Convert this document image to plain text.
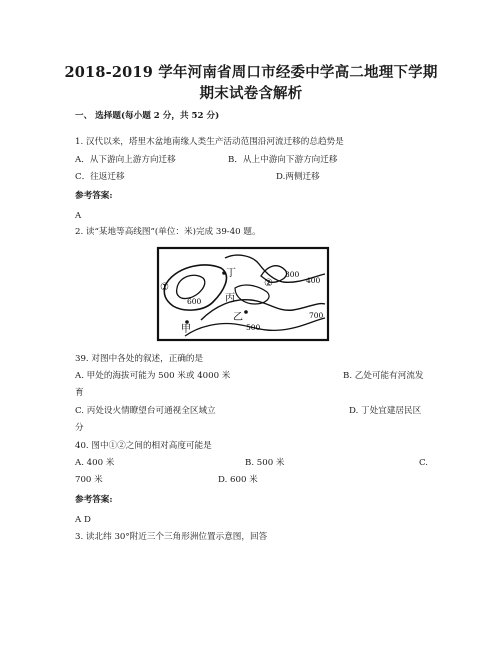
2018-2019 学年河南省周口市经委中学高二地理下学期
期末试卷含解析
一、 选择题(每小题 2 分，共 52 分)
1. 汉代以来，塔里木盆地南缘人类生产活动范围沿河流迁移的总趋势是
A．从下游向上游方向迁移	B．从上中游向下游方向迁移
C．往返迁移	D.两侧迁移
参考答案:
A
2. 读“某地等高线图”(单位：米)完成 39-40 题。
丁	300
400
①	②
600 丙
乙	700
500
甲
39. 对图中各处的叙述，正确的是
A. 甲处的海拔可能为 500 米或 4000 米	B. 乙处可能有河流发
育
C. 丙处设火情瞭望台可通视全区域立	D. 丁处宜建居民区
分
40. 图中①②之间的相对高度可能是
A. 400 米	B. 500 米	C.
700 米	D. 600 米
参考答案:
A D
3. 读北纬 30°附近三个三角形洲位置示意图，回答
